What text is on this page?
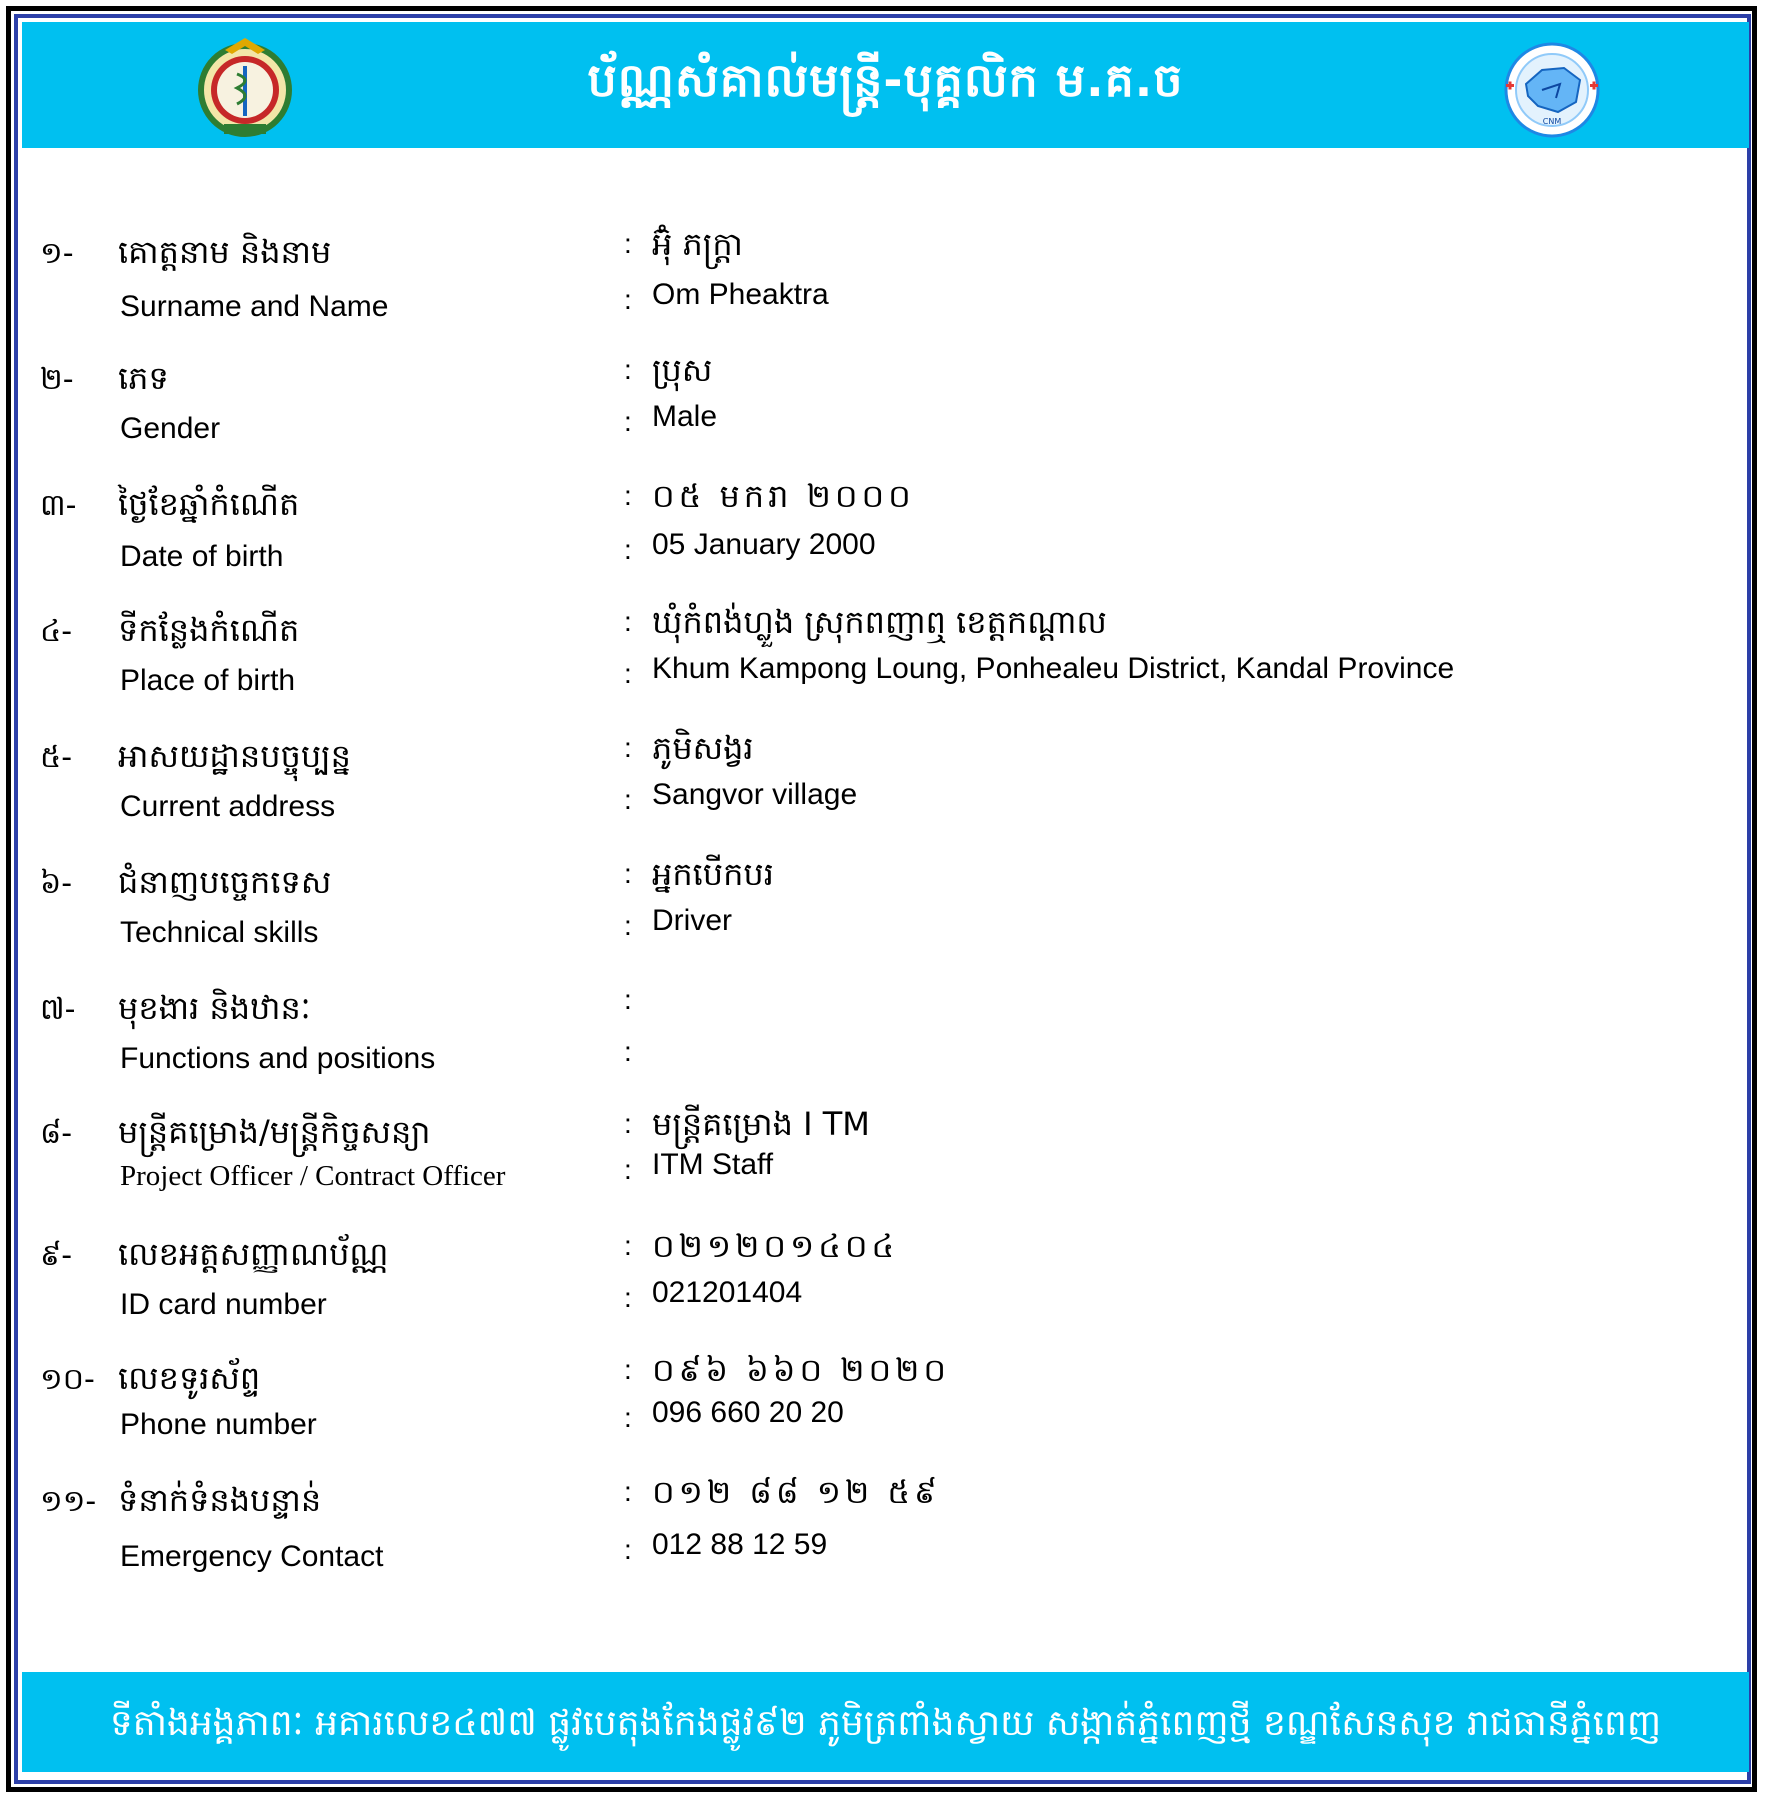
ប័ណ្ណសំគាល់មន្ត្រី-បុគ្គលិក ម.គ.ច
CNM
១- គោត្តនាម និងនាម
Surname and Name
:
:
អ៊ុំ ភក្ត្រា
Om Pheaktra
២- ភេទ
Gender
:
:
ប្រុស
Male
៣- ថ្ងៃខែឆ្នាំកំណើត
Date of birth
:
:
០៥ មករា ២០០០
05 January 2000
៤- ទីកន្លែងកំណើត
Place of birth
:
:
ឃុំកំពង់ហ្លួង ស្រុកពញាឮ ខេត្តកណ្តាល
Khum Kampong Loung, Ponhealeu District, Kandal Province
៥- អាសយដ្ឋានបច្ចុប្បន្ន
Current address
:
:
ភូមិសង្វរ
Sangvor village
៦- ជំនាញបច្ចេកទេស
Technical skills
:
:
អ្នកបើកបរ
Driver
៧- មុខងារ និងឋានៈ
Functions and positions
:
:
៨- មន្ត្រីគម្រោង/មន្ត្រីកិច្ចសន្យា
Project Officer / Contract Officer
:
:
មន្ត្រីគម្រោង I TM
ITM Staff
៩- លេខអត្តសញ្ញាណប័ណ្ណ
ID card number
:
:
០២១២០១៤០៤
021201404
១០- លេខទូរស័ព្ទ
Phone number
:
:
០៩៦ ៦៦០ ២០២០
096 660 20 20
១១- ទំនាក់ទំនងបន្ទាន់
Emergency Contact
:
:
០១២ ៨៨ ១២ ៥៩
012 88 12 59
ទីតាំងអង្គភាពៈ អគារលេខ៤៧៧ ផ្លូវបេតុងកែងផ្លូវ៩២ ភូមិត្រពាំងស្វាយ សង្កាត់ភ្នំពេញថ្មី ខណ្ឌសែនសុខ រាជធានីភ្នំពេញ
